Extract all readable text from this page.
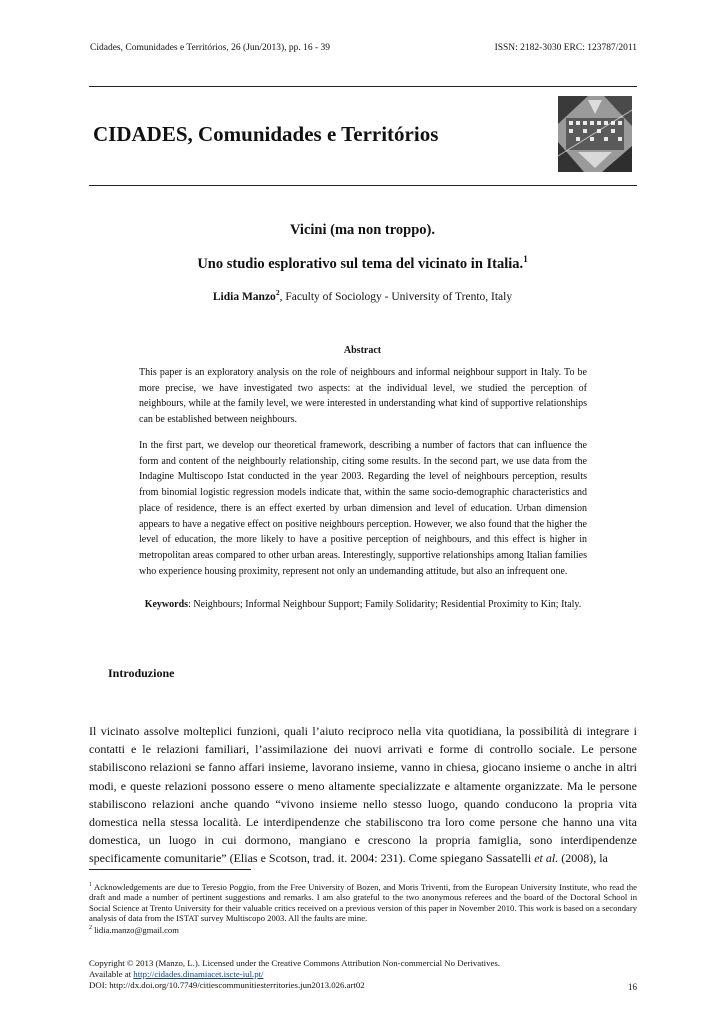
Cidades, Comunidades e Territórios, 26 (Jun/2013), pp. 16 - 39	ISSN: 2182-3030 ERC: 123787/2011
CIDADES, Comunidades e Territórios
Vicini (ma non troppo).
Uno studio esplorativo sul tema del vicinato in Italia.$^1$
Lidia Manzo$^2$, Faculty of Sociology - University of Trento, Italy
Abstract
This paper is an exploratory analysis on the role of neighbours and informal neighbour support in Italy. To be more precise, we have investigated two aspects: at the individual level, we studied the perception of neighbours, while at the family level, we were interested in understanding what kind of supportive relationships can be established between neighbours.
In the first part, we develop our theoretical framework, describing a number of factors that can influence the form and content of the neighbourly relationship, citing some results. In the second part, we use data from the Indagine Multiscopo Istat conducted in the year 2003. Regarding the level of neighbours perception, results from binomial logistic regression models indicate that, within the same socio-demographic characteristics and place of residence, there is an effect exerted by urban dimension and level of education. Urban dimension appears to have a negative effect on positive neighbours perception. However, we also found that the higher the level of education, the more likely to have a positive perception of neighbours, and this effect is higher in metropolitan areas compared to other urban areas. Interestingly, supportive relationships among Italian families who experience housing proximity, represent not only an undemanding attitude, but also an infrequent one.
Keywords: Neighbours; Informal Neighbour Support; Family Solidarity; Residential Proximity to Kin; Italy.
Introduzione
Il vicinato assolve molteplici funzioni, quali l’aiuto reciproco nella vita quotidiana, la possibilità di integrare i contatti e le relazioni familiari, l’assimilazione dei nuovi arrivati e forme di controllo sociale. Le persone stabiliscono relazioni se fanno affari insieme, lavorano insieme, vanno in chiesa, giocano insieme o anche in altri modi, e queste relazioni possono essere o meno altamente specializzate e altamente organizzate. Ma le persone stabiliscono relazioni anche quando “vivono insieme nello stesso luogo, quando conducono la propria vita domestica nella stessa località. Le interdipendenze che stabiliscono tra loro come persone che hanno una vita domestica, un luogo in cui dormono, mangiano e crescono la propria famiglia, sono interdipendenze specificamente comunitarie” (Elias e Scotson, trad. it. 2004: 231). Come spiegano Sassatelli et al. (2008), la
$^1$ Acknowledgements are due to Teresio Poggio, from the Free University of Bozen, and Moris Triventi, from the European University Institute, who read the draft and made a number of pertinent suggestions and remarks. I am also grateful to the two anonymous referees and the board of the Doctoral School in Social Science at Trento University for their valuable critics received on a previous version of this paper in November 2010. This work is based on a secondary analysis of data from the ISTAT survey Multiscopo 2003. All the faults are mine.
$^2$ lidia.manzo@gmail.com
Copyright © 2013 (Manzo, L.). Licensed under the Creative Commons Attribution Non-commercial No Derivatives.
Available at http://cidades.dinamiacet.iscte-iul.pt/
DOI: http://dx.doi.org/10.7749/citiescommunitiesterritories.jun2013.026.art02	16
